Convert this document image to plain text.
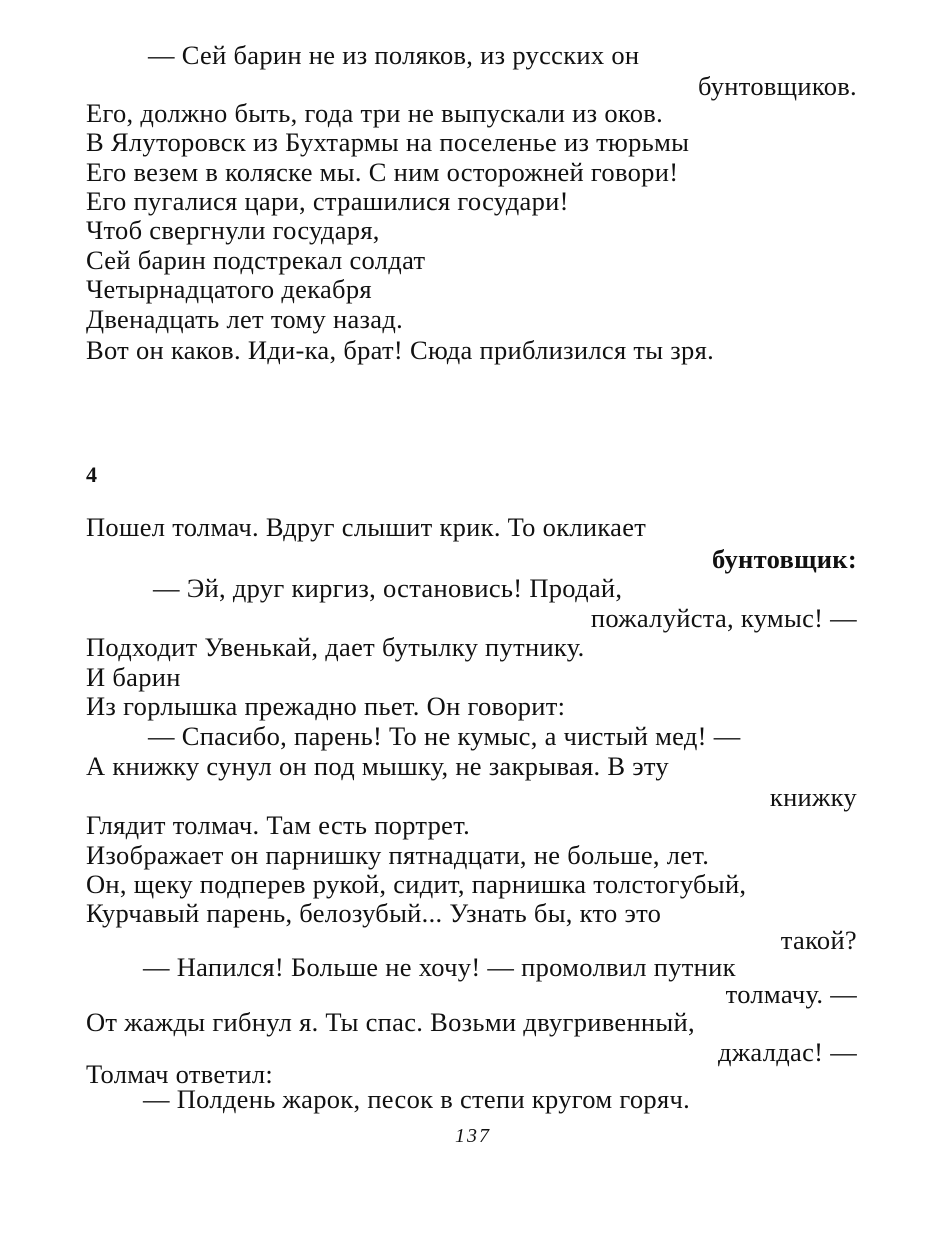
— Сей барин не из поляков, из русских он
бунтовщиков.
Его, должно быть, года три не выпускали из оков.
В Ялуторовск из Бухтармы на поселенье из тюрьмы
Его везем в коляске мы. С ним осторожней говори!
Его пугалися цари, страшилися государи!
Чтоб свергнули государя,
Сей барин подстрекал солдат
Четырнадцатого декабря
Двенадцать лет тому назад.
Вот он каков. Иди-ка, брат! Сюда приблизился ты зря.
4
Пошел толмач. Вдруг слышит крик. То окликает
бунтовщик:
— Эй, друг киргиз, остановись! Продай,
пожалуйста, кумыс! —
Подходит Увенькай, дает бутылку путнику.
И барин
Из горлышка прежадно пьет. Он говорит:
— Спасибо, парень! То не кумыс, а чистый мед! —
А книжку сунул он под мышку, не закрывая. В эту
книжку
Глядит толмач. Там есть портрет.
Изображает он парнишку пятнадцати, не больше, лет.
Он, щеку подперев рукой, сидит, парнишка толстогубый,
Курчавый парень, белозубый... Узнать бы, кто это
такой?
— Напился! Больше не хочу! — промолвил путник
толмачу. —
От жажды гибнул я. Ты спас. Возьми двугривенный,
джалдас! —
Толмач ответил:
— Полдень жарок, песок в степи кругом горяч.
137
